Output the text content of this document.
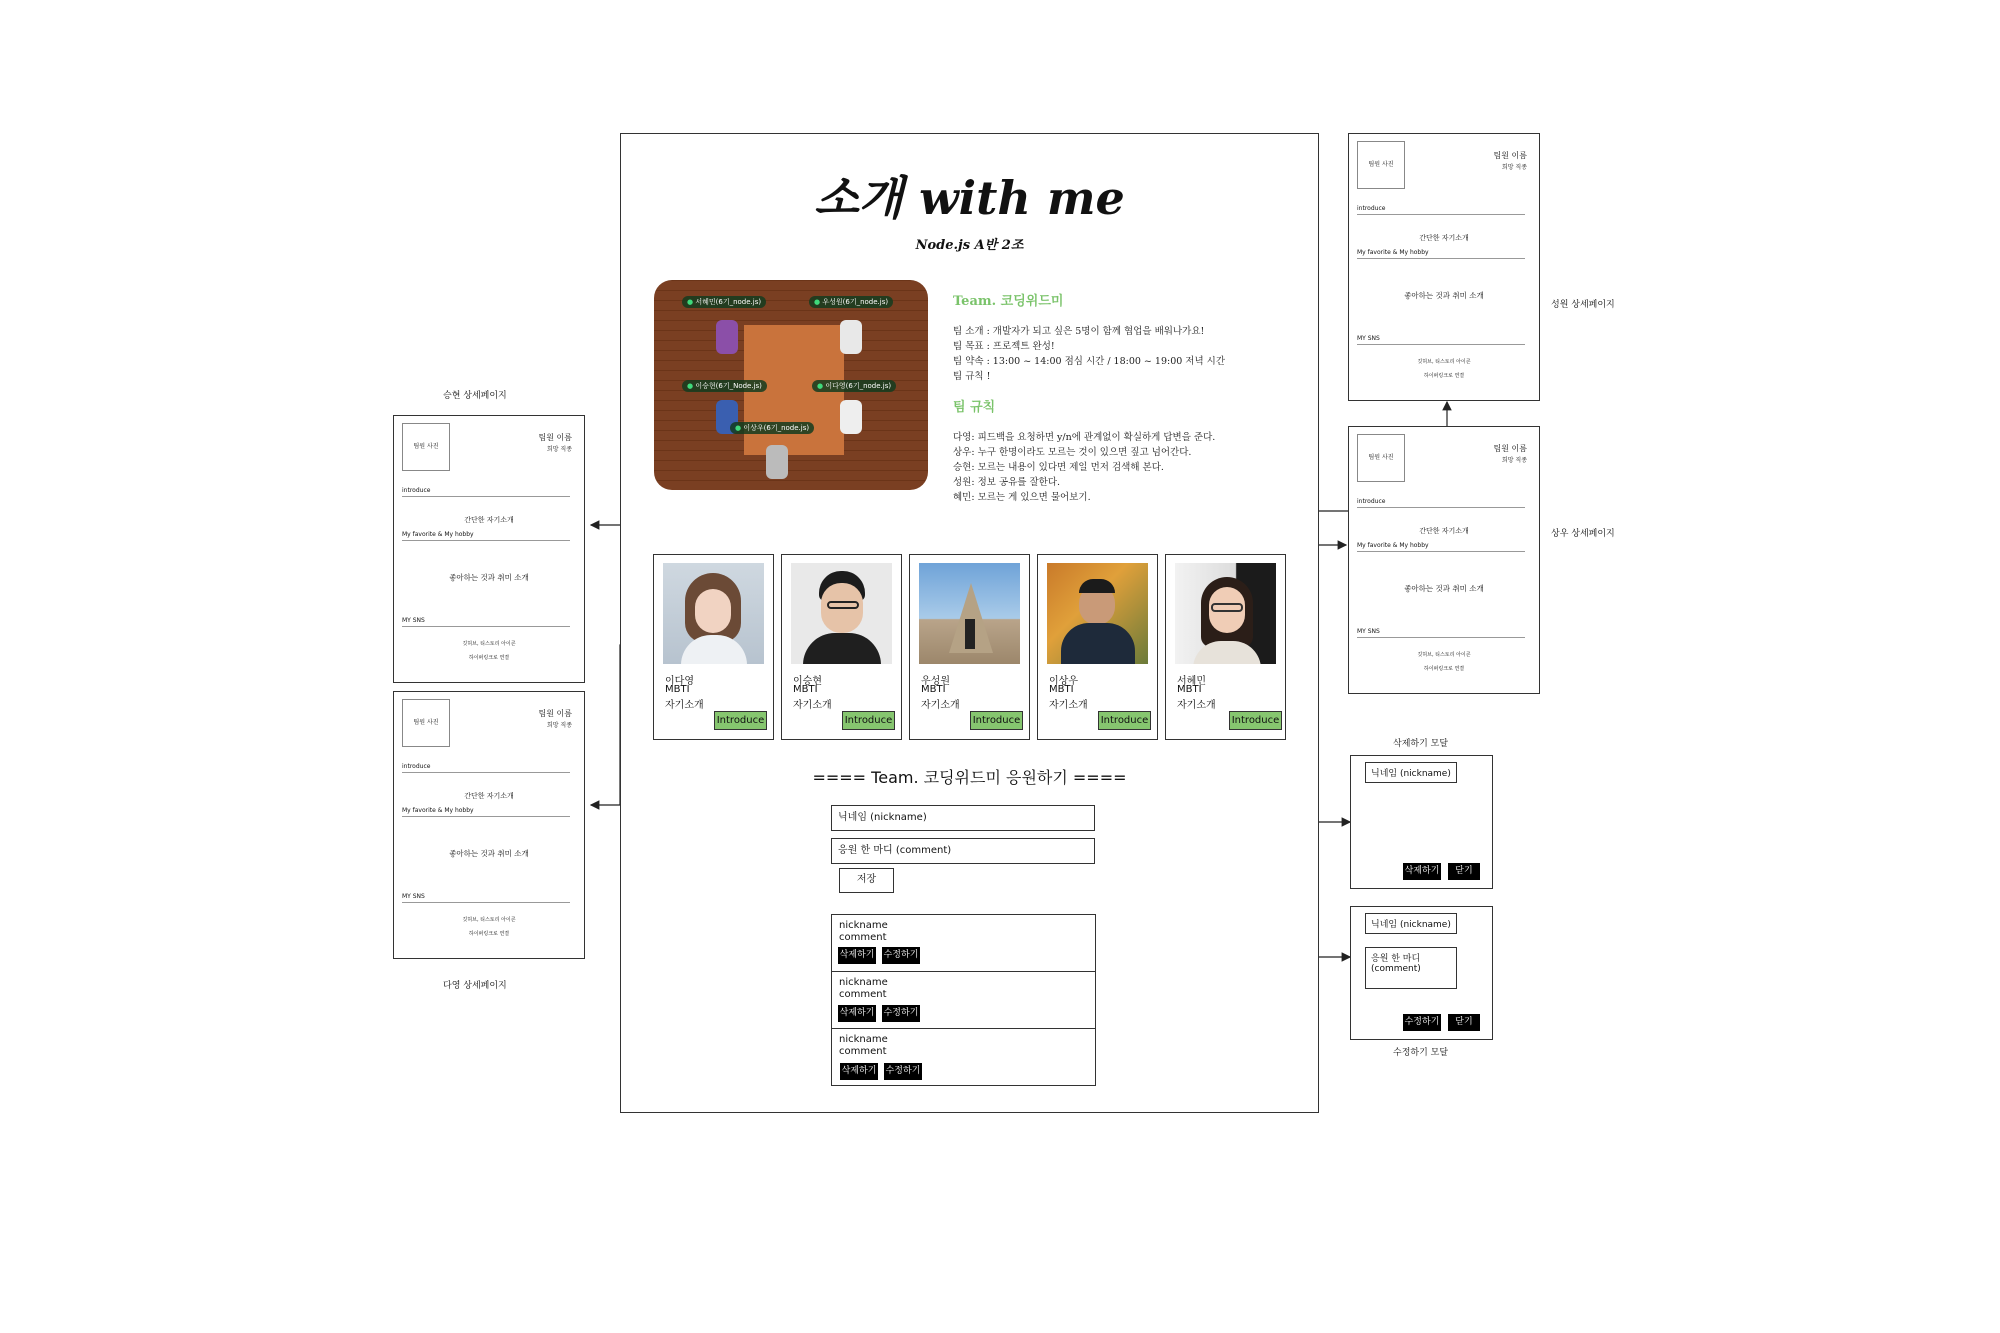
소개 with me
Node.js A반 2조
● 서혜민(6기_node.js)	● 우성원(6기_node.js)
● 이승현(6기_Node.js)	● 이다영(6기_node.js)
● 이상우(6기_node.js)
Team. 코딩위드미
팀 소개 : 개발자가 되고 싶은 5명이 함께 협업을 배워나가요!
팀 목표 : 프로젝트 완성!
팀 약속 : 13:00 ~ 14:00 점심 시간 / 18:00 ~ 19:00 저녁 시간
팀 규칙 !
팀 규칙
다영: 피드백을 요청하면 y/n에 관계없이 확실하게 답변을 준다.
상우: 누구 한명이라도 모르는 것이 있으면 짚고 넘어간다.
승현: 모르는 내용이 있다면 제일 먼저 검색해 본다.
성원: 정보 공유를 잘한다.
혜민: 모르는 게 있으면 물어보기.
이다영
MBTI
자기소개
Introduce
이승현
MBTI
자기소개
Introduce
우성원
MBTI
자기소개
Introduce
이상우
MBTI
자기소개
Introduce
서혜민
MBTI
자기소개
Introduce
==== Team. 코딩위드미 응원하기 ====
닉네임 (nickname)
응원 한 마디 (comment)
저장
nickname
comment
삭제하기 수정하기
nickname
comment
삭제하기 수정하기
nickname
comment
삭제하기 수정하기
승현 상세페이지
팀원 사진
팀원 이름
희망 직종
introduce
간단한 자기소개
My favorite & My hobby
좋아하는 것과 취미 소개
MY SNS
깃허브, 티스토리 아이콘
하이퍼링크로 연결
팀원 사진
팀원 이름
희망 직종
introduce
간단한 자기소개
My favorite & My hobby
좋아하는 것과 취미 소개
MY SNS
깃허브, 티스토리 아이콘
하이퍼링크로 연결
다영 상세페이지
팀원 사진
팀원 이름
희망 직종
introduce
간단한 자기소개
My favorite & My hobby
좋아하는 것과 취미 소개
MY SNS
깃허브, 티스토리 아이콘
하이퍼링크로 연결
성원 상세페이지
팀원 사진
팀원 이름
희망 직종
introduce
간단한 자기소개
My favorite & My hobby
좋아하는 것과 취미 소개
MY SNS
깃허브, 티스토리 아이콘
하이퍼링크로 연결
상우 상세페이지
삭제하기 모달
닉네임 (nickname)
삭제하기	닫기
닉네임 (nickname)
응원 한 마디 (comment)
수정하기	닫기
수정하기 모달
